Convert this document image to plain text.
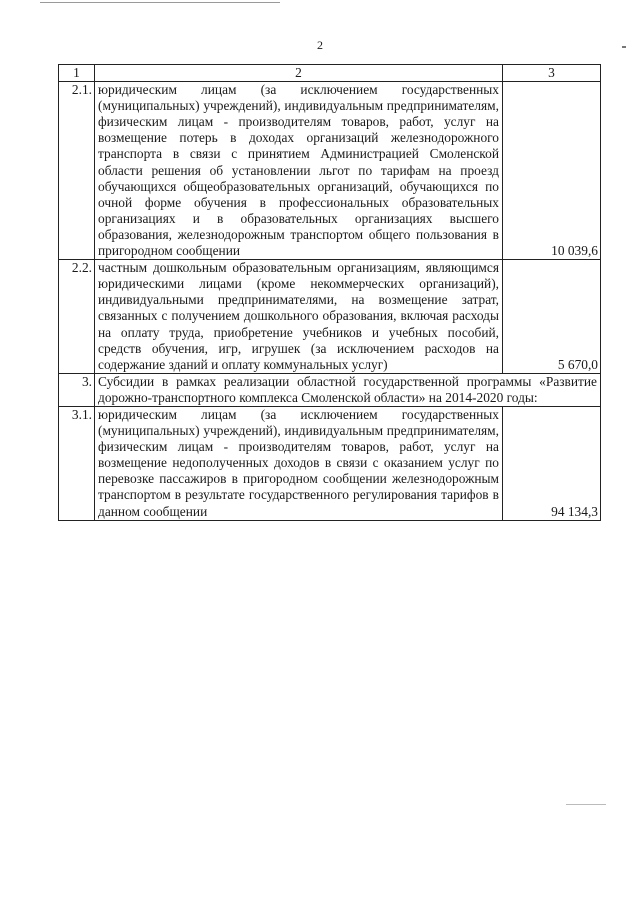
2
1	2	3
2.1.	юридическим лицам (за исключением государственных (муниципальных) учреждений), индивидуальным предпринимателям, физическим лицам - производителям товаров, работ, услуг на возмещение потерь в доходах организаций железнодорожного транспорта в связи с принятием Администрацией Смоленской области решения об установлении льгот по тарифам на проезд обучающихся общеобразовательных организаций, обучающихся по очной форме обучения в профессиональных образовательных организациях и в образовательных организациях высшего образования, железнодорожным транспортом общего пользования в пригородном сообщении	10 039,6
2.2.	частным дошкольным образовательным организациям, являющимся юридическими лицами (кроме некоммерческих организаций), индивидуальными предпринимателями, на возмещение затрат, связанных с получением дошкольного образования, включая расходы на оплату труда, приобретение учебников и учебных пособий, средств обучения, игр, игрушек (за исключением расходов на содержание зданий и оплату коммунальных услуг)	5 670,0
3.	Субсидии в рамках реализации областной государственной программы «Развитие дорожно-транспортного комплекса Смоленской области» на 2014-2020 годы:	
3.1.	юридическим лицам (за исключением государственных (муниципальных) учреждений), индивидуальным предпринимателям, физическим лицам - производителям товаров, работ, услуг на возмещение недополученных доходов в связи с оказанием услуг по перевозке пассажиров в пригородном сообщении железнодорожным транспортом в результате государственного регулирования тарифов в данном сообщении	94 134,3
